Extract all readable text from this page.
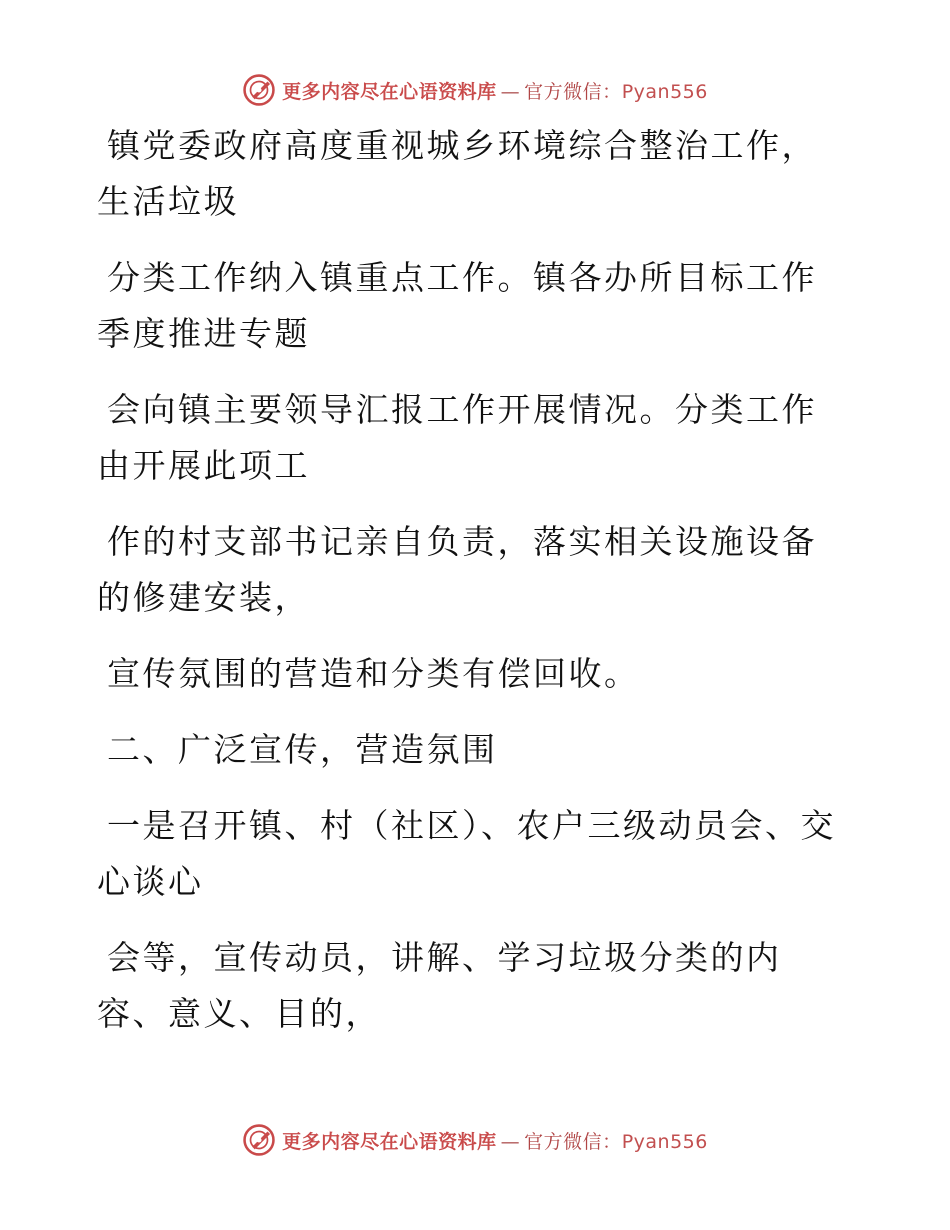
更多内容尽在心语资料库 — 官方微信：Pyan556

镇党委政府高度重视城乡环境综合整治工作，生活垃圾

分类工作纳入镇重点工作。镇各办所目标工作季度推进专题

会向镇主要领导汇报工作开展情况。分类工作由开展此项工

作的村支部书记亲自负责，落实相关设施设备的修建安装，

宣传氛围的营造和分类有偿回收。

二、广泛宣传，营造氛围

一是召开镇、村（社区）、农户三级动员会、交心谈心

会等，宣传动员，讲解、学习垃圾分类的内容、意义、目的，

更多内容尽在心语资料库 — 官方微信：Pyan556
